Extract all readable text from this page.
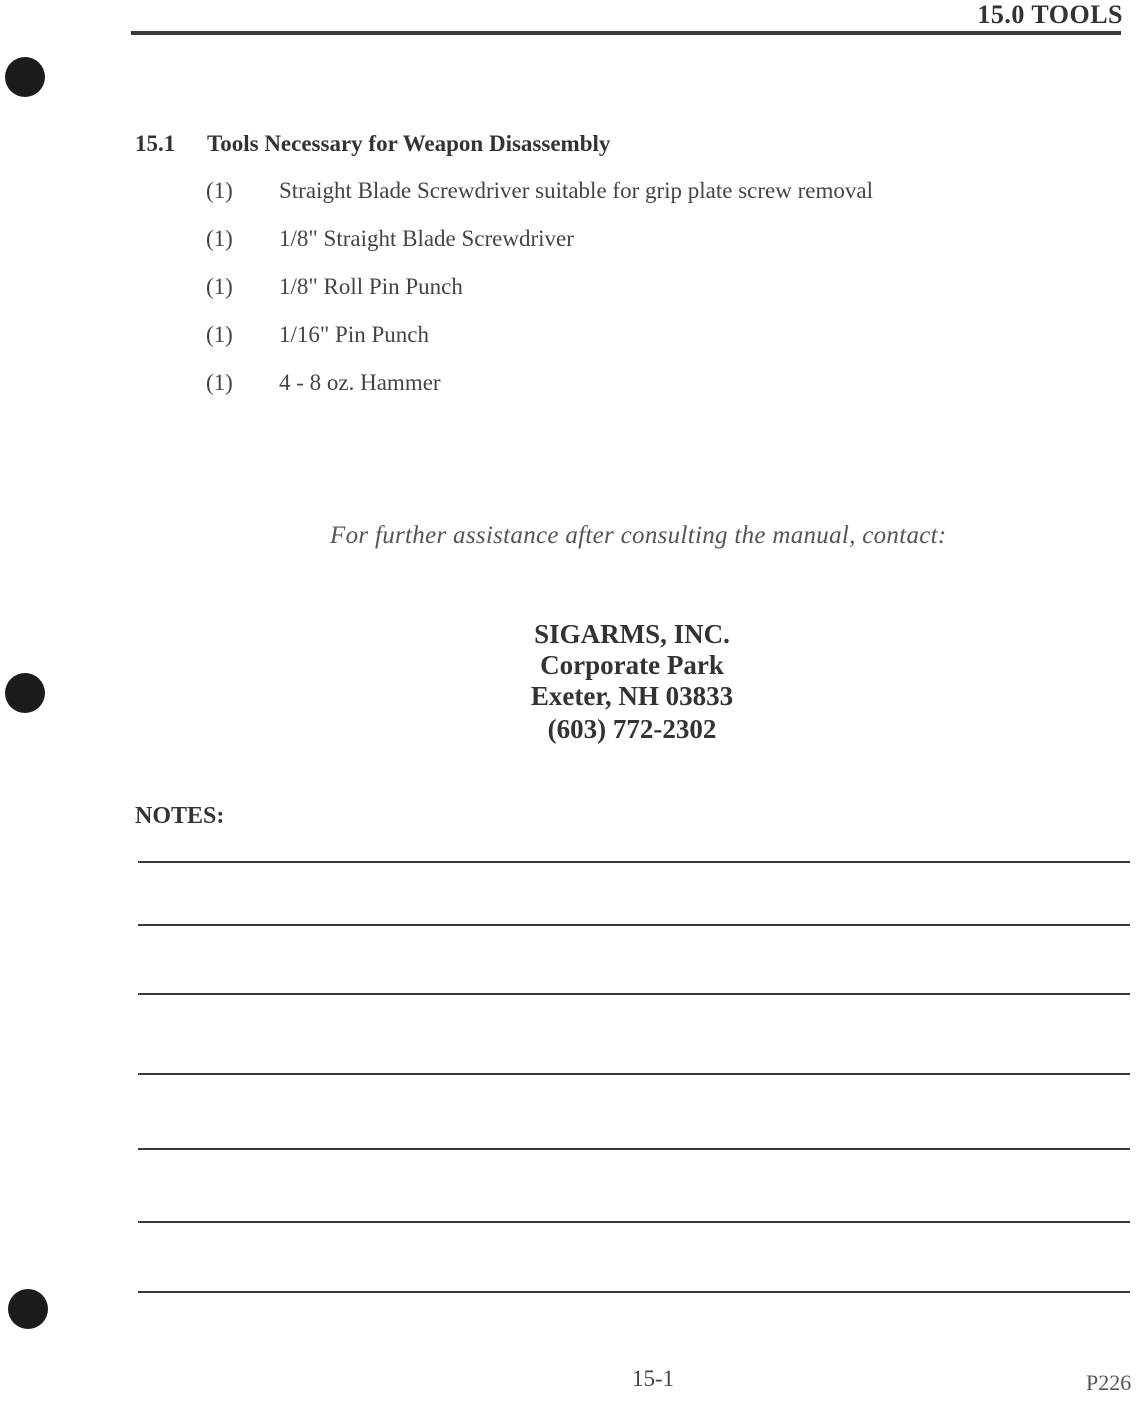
15.0 TOOLS
15.1 Tools Necessary for Weapon Disassembly
(1) Straight Blade Screwdriver suitable for grip plate screw removal
(1) 1/8" Straight Blade Screwdriver
(1) 1/8" Roll Pin Punch
(1) 1/16" Pin Punch
(1) 4 - 8 oz. Hammer
For further assistance after consulting the manual, contact:
SIGARMS, INC.
Corporate Park
Exeter, NH 03833
(603) 772-2302
NOTES:
15-1	P226
